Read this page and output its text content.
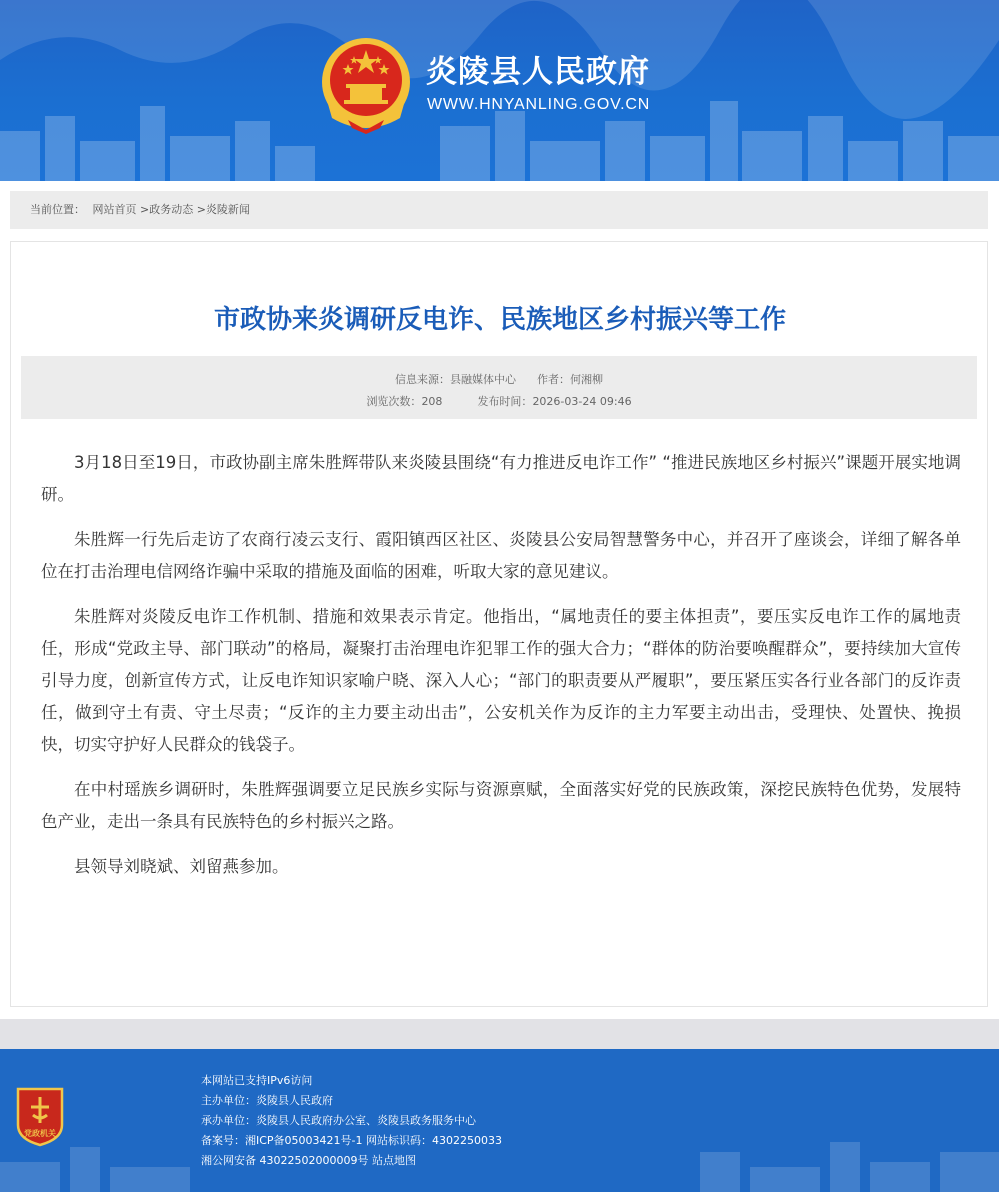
炎陵县人民政府
WWW.HNYANLING.GOV.CN
当前位置： 网站首页 >政务动态 >炎陵新闻
市政协来炎调研反电诈、民族地区乡村振兴等工作
信息来源：县融媒体中心 作者：何湘柳
浏览次数：208	发布时间：2026-03-24 09:46

3月18日至19日，市政协副主席朱胜辉带队来炎陵县围绕“有力推进反电诈工作” “推进民族地区乡村振兴”课题开展实地调研。

朱胜辉一行先后走访了农商行凌云支行、霞阳镇西区社区、炎陵县公安局智慧警务中心，并召开了座谈会，详细了解各单位在打击治理电信网络诈骗中采取的措施及面临的困难，听取大家的意见建议。

朱胜辉对炎陵反电诈工作机制、措施和效果表示肯定。他指出，“属地责任的要主体担责”，要压实反电诈工作的属地责任，形成“党政主导、部门联动”的格局，凝聚打击治理电诈犯罪工作的强大合力；“群体的防治要唤醒群众”，要持续加大宣传引导力度，创新宣传方式，让反电诈知识家喻户晓、深入人心；“部门的职责要从严履职”，要压紧压实各行业各部门的反诈责任，做到守土有责、守土尽责；“反诈的主力要主动出击”，公安机关作为反诈的主力军要主动出击，受理快、处置快、挽损快，切实守护好人民群众的钱袋子。

在中村瑶族乡调研时，朱胜辉强调要立足民族乡实际与资源禀赋，全面落实好党的民族政策，深挖民族特色优势，发展特色产业，走出一条具有民族特色的乡村振兴之路。

县领导刘晓斌、刘留燕参加。

党政机关
本网站已支持IPv6访问
主办单位：炎陵县人民政府
承办单位：炎陵县人民政府办公室、炎陵县政务服务中心
备案号：湘ICP备05003421号-1 网站标识码：4302250033
湘公网安备 43022502000009号 站点地图
